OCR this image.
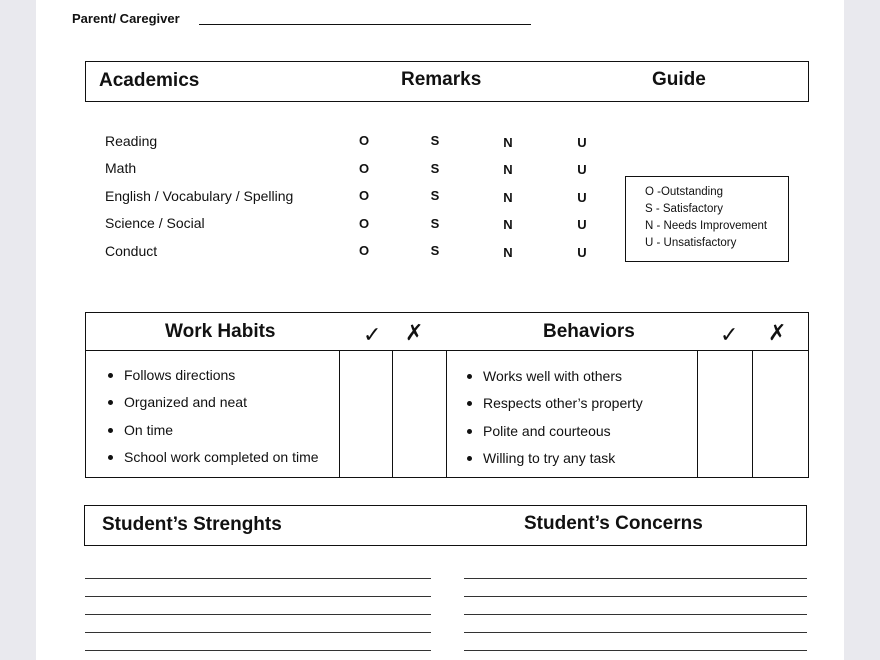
Parent/ Caregiver
Academics	Remarks	Guide
Reading	O	S	N	U
Math	O	S	N	U
English / Vocabulary / Spelling	O	S	N	U
Science / Social	O	S	N	U
Conduct	O	S	N	U
O -Outstanding
S - Satisfactory
N - Needs Improvement
U - Unsatisfactory
Work Habits	✓ ✗	Behaviors	✓ ✗
Follows directions
Organized and neat
On time
School work completed on time
Works well with others
Respects other’s property
Polite and courteous
Willing to try any task
Student’s Strenghts	Student’s Concerns
